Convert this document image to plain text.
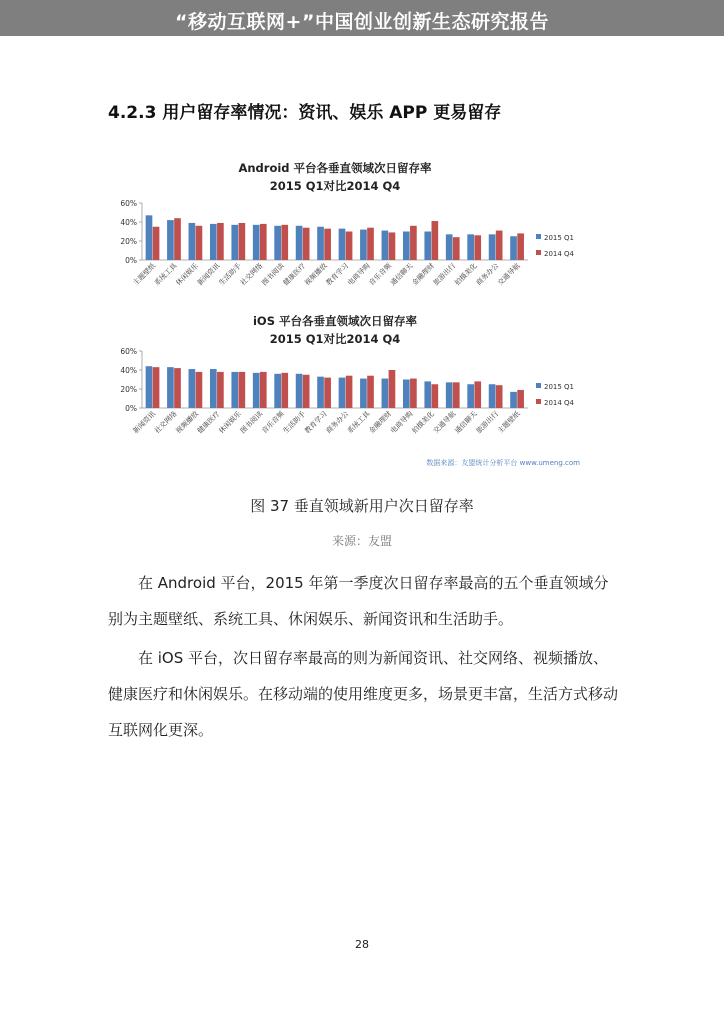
“移动互联网+”中国创业创新生态研究报告
4.2.3 用户留存率情况：资讯、娱乐 APP 更易留存
Android 平台各垂直领域次日留存率
2015 Q1对比2014 Q4
0%
20%
40%
60%
主题壁纸
系统工具
休闲娱乐
新闻资讯
生活助手
社交网络
图书阅读
健康医疗
视频播放
教育学习
电商导购
音乐音频
通信聊天
金融理财
旅游出行
拍摄美化
商务办公
交通导航
2015 Q1
2014 Q4
iOS 平台各垂直领域次日留存率
2015 Q1对比2014 Q4
0%
20%
40%
60%
新闻资讯
社交网络
视频播放
健康医疗
休闲娱乐
图书阅读
音乐音频
生活助手
教育学习
商务办公
系统工具
金融理财
电商导购
拍摄美化
交通导航
通信聊天
旅游出行
主题壁纸
2015 Q1
2014 Q4
数据来源：友盟统计分析平台 www.umeng.com
图 37 垂直领域新用户次日留存率
来源：友盟
在 Android 平台，2015 年第一季度次日留存率最高的五个垂直领域分别为主题壁纸、系统工具、休闲娱乐、新闻资讯和生活助手。
在 iOS 平台，次日留存率最高的则为新闻资讯、社交网络、视频播放、健康医疗和休闲娱乐。在移动端的使用维度更多，场景更丰富，生活方式移动互联网化更深。
28
